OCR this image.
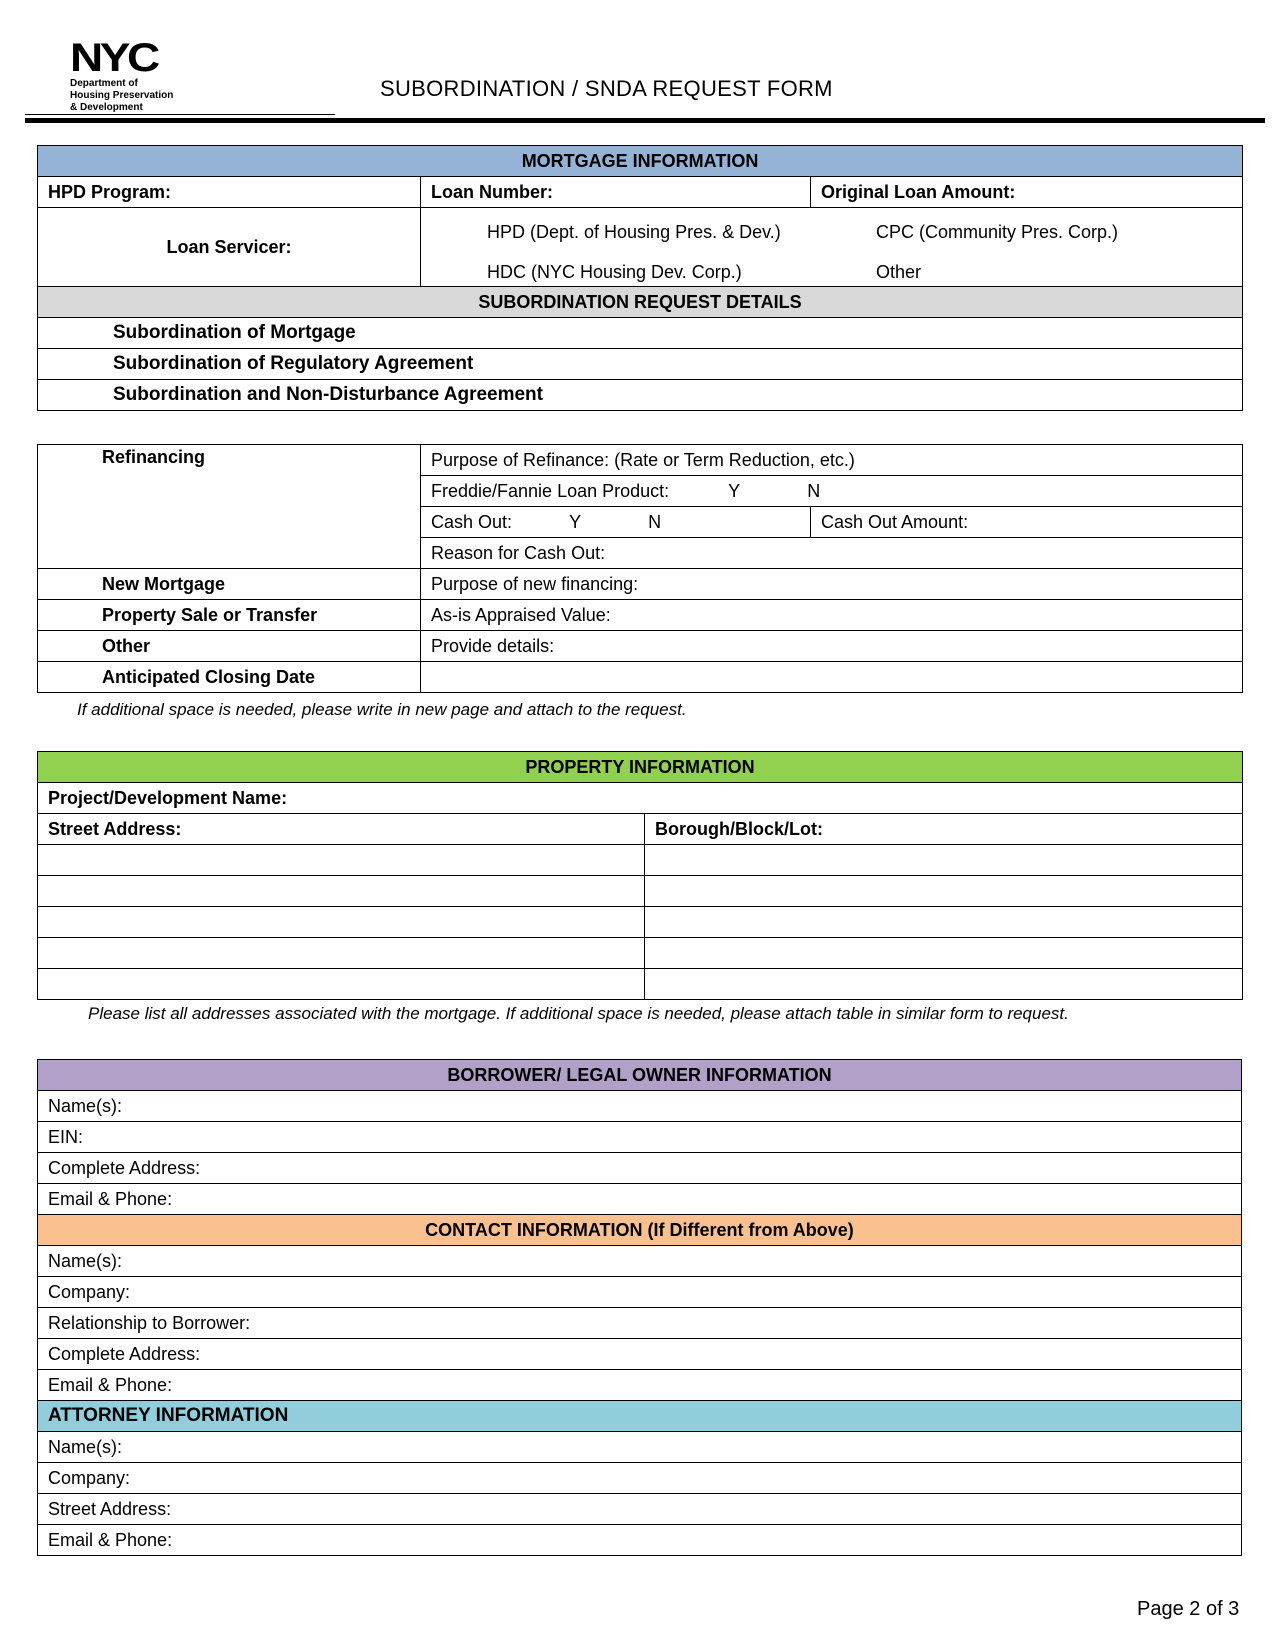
NYC
Department of
Housing Preservation
& Development
SUBORDINATION / SNDA REQUEST FORM
MORTGAGE INFORMATION		
HPD Program:	Loan Number:	Original Loan Amount:
Loan Servicer:	HPD (Dept. of Housing Pres. & Dev.) CPC (Community Pres. Corp.)
HDC (NYC Housing Dev. Corp.) Other	

SUBORDINATION REQUEST DETAILS		
Subordination of Mortgage		
Subordination of Regulatory Agreement		
Subordination and Non-Disturbance Agreement		
Refinancing	Purpose of Refinance: (Rate or Term Reduction, etc.)	
	Freddie/Fannie Loan Product: Y N	
	Cash Out: Y N	Cash Out Amount:
	Reason for Cash Out:	
New Mortgage	Purpose of new financing:	
Property Sale or Transfer	As-is Appraised Value:	
Other	Provide details:	
Anticipated Closing Date		
If additional space is needed, please write in new page and attach to the request.
PROPERTY INFORMATION	
Project/Development Name:	
Street Address:	Borough/Block/Lot:

Please list all addresses associated with the mortgage. If additional space is needed, please attach table in similar form to request.
BORROWER/ LEGAL OWNER INFORMATION
Name(s):
EIN:
Complete Address:
Email & Phone:
CONTACT INFORMATION (If Different from Above)
Name(s):
Company:
Relationship to Borrower:
Complete Address:
Email & Phone:
ATTORNEY INFORMATION
Name(s):
Company:
Street Address:
Email & Phone:
Page 2 of 3
